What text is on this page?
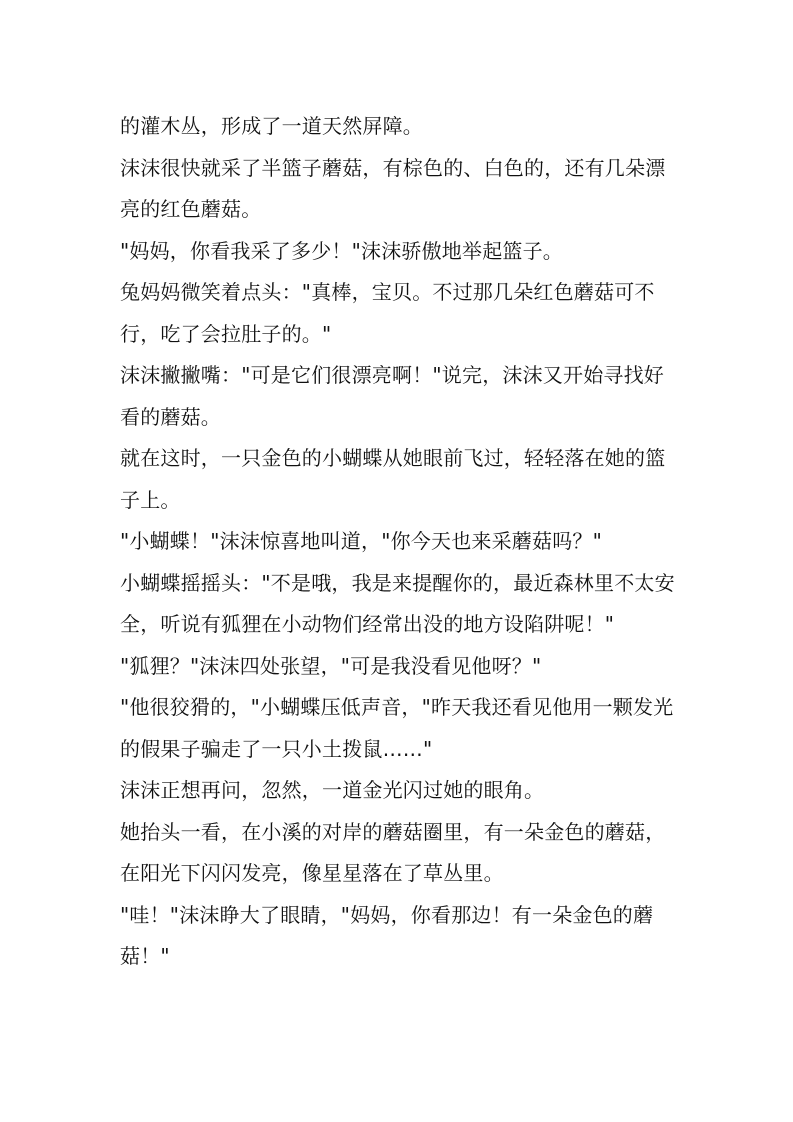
的灌木丛，形成了一道天然屏障。

沫沫很快就采了半篮子蘑菇，有棕色的、白色的，还有几朵漂亮的红色蘑菇。

"妈妈，你看我采了多少！"沫沫骄傲地举起篮子。

兔妈妈微笑着点头："真棒，宝贝。不过那几朵红色蘑菇可不行，吃了会拉肚子的。"

沫沫撇撇嘴："可是它们很漂亮啊！"说完，沫沫又开始寻找好看的蘑菇。

就在这时，一只金色的小蝴蝶从她眼前飞过，轻轻落在她的篮子上。

"小蝴蝶！"沫沫惊喜地叫道，"你今天也来采蘑菇吗？"

小蝴蝶摇摇头："不是哦，我是来提醒你的，最近森林里不太安全，听说有狐狸在小动物们经常出没的地方设陷阱呢！"

"狐狸？"沫沫四处张望，"可是我没看见他呀？"

"他很狡猾的，"小蝴蝶压低声音，"昨天我还看见他用一颗发光的假果子骗走了一只小土拨鼠……"

沫沫正想再问，忽然，一道金光闪过她的眼角。

她抬头一看，在小溪的对岸的蘑菇圈里，有一朵金色的蘑菇，在阳光下闪闪发亮，像星星落在了草丛里。

"哇！"沫沫睁大了眼睛，"妈妈，你看那边！有一朵金色的蘑菇！"
